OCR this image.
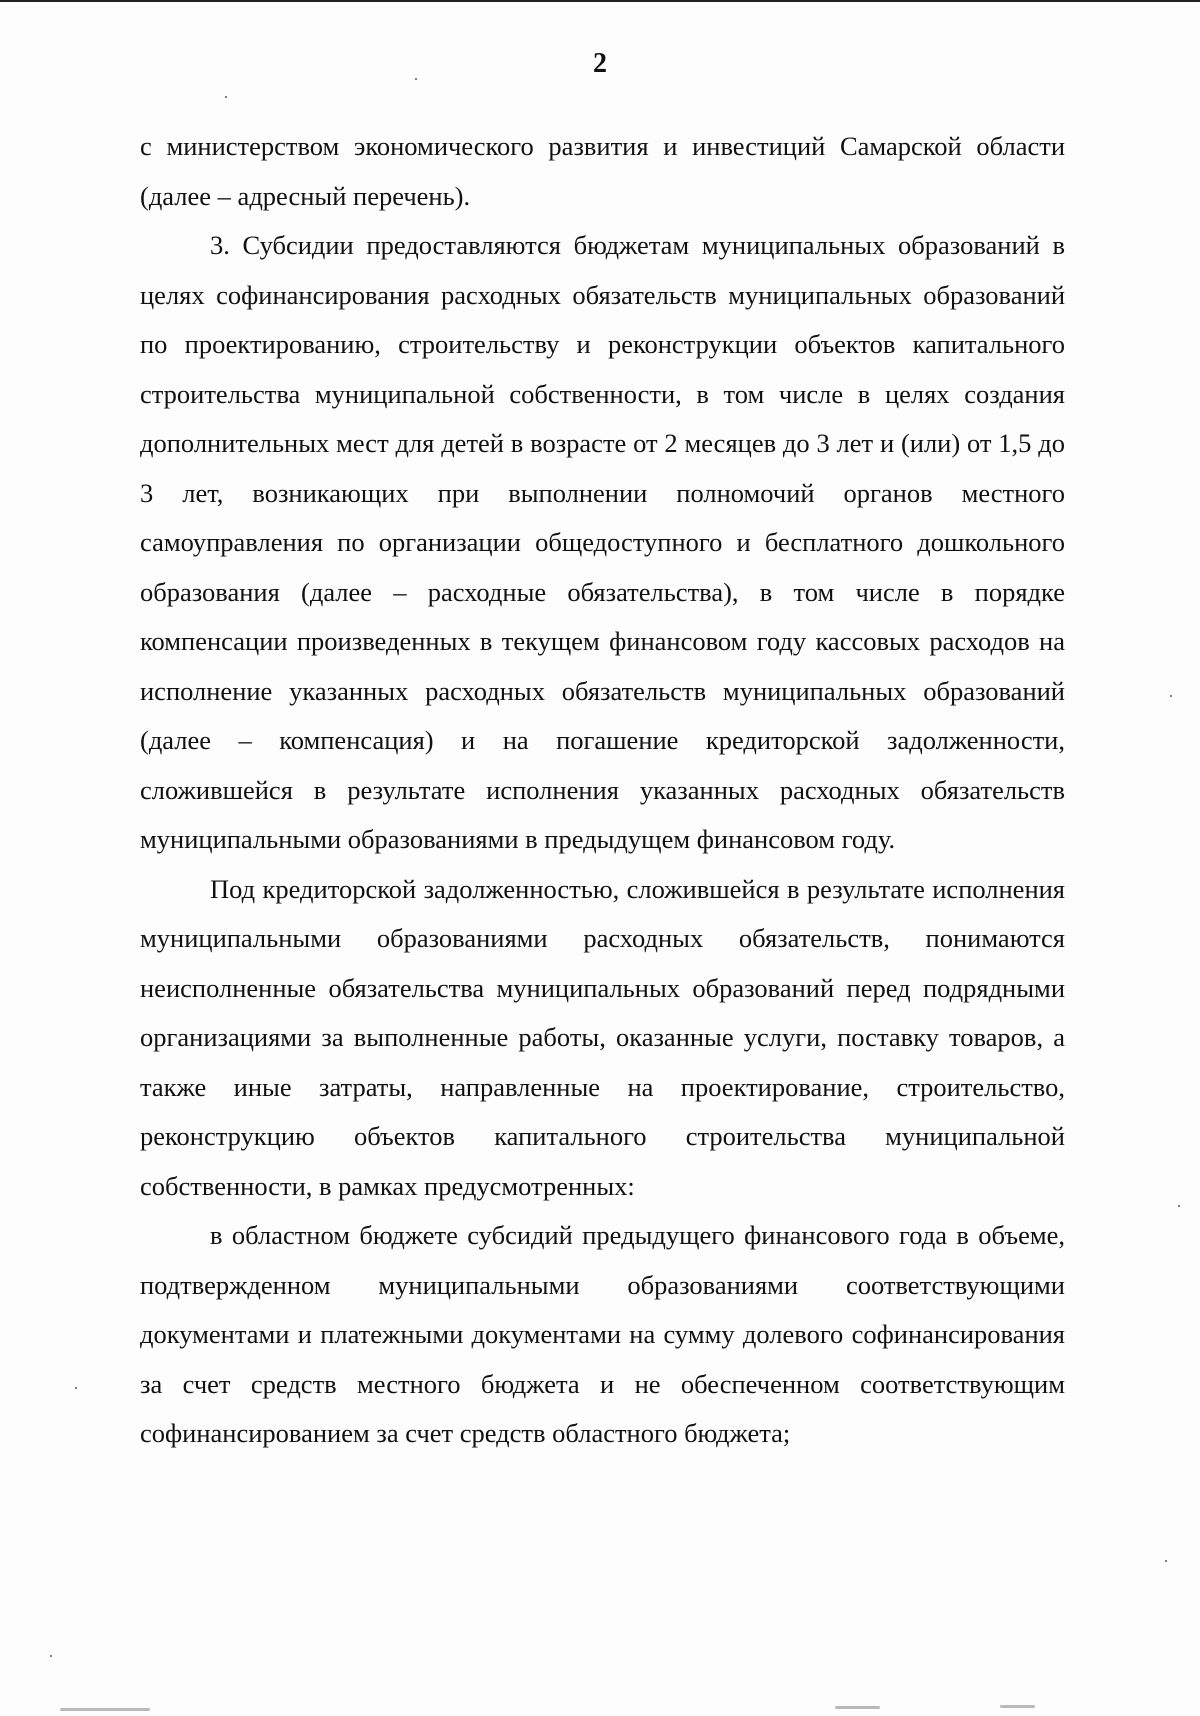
2

с министерством экономического развития и инвестиций Самарской области (далее – адресный перечень).

3. Субсидии предоставляются бюджетам муниципальных образований в целях софинансирования расходных обязательств муниципальных образований по проектированию, строительству и реконструкции объектов капитального строительства муниципальной собственности, в том числе в целях создания дополнительных мест для детей в возрасте от 2 месяцев до 3 лет и (или) от 1,5 до 3 лет, возникающих при выполнении полномочий органов местного самоуправления по организации общедоступного и бесплатного дошкольного образования (далее – расходные обязательства), в том числе в порядке компенсации произведенных в текущем финансовом году кассовых расходов на исполнение указанных расходных обязательств муниципальных образований (далее – компенсация) и на погашение кредиторской задолженности, сложившейся в результате исполнения указанных расходных обязательств муниципальными образованиями в предыдущем финансовом году.

Под кредиторской задолженностью, сложившейся в результате исполнения муниципальными образованиями расходных обязательств, понимаются неисполненные обязательства муниципальных образований перед подрядными организациями за выполненные работы, оказанные услуги, поставку товаров, а также иные затраты, направленные на проектирование, строительство, реконструкцию объектов капитального строительства муниципальной собственности, в рамках предусмотренных:

в областном бюджете субсидий предыдущего финансового года в объеме, подтвержденном муниципальными образованиями соответствующими документами и платежными документами на сумму долевого софинансирования за счет средств местного бюджета и не обеспеченном соответствующим софинансированием за счет средств областного бюджета;
